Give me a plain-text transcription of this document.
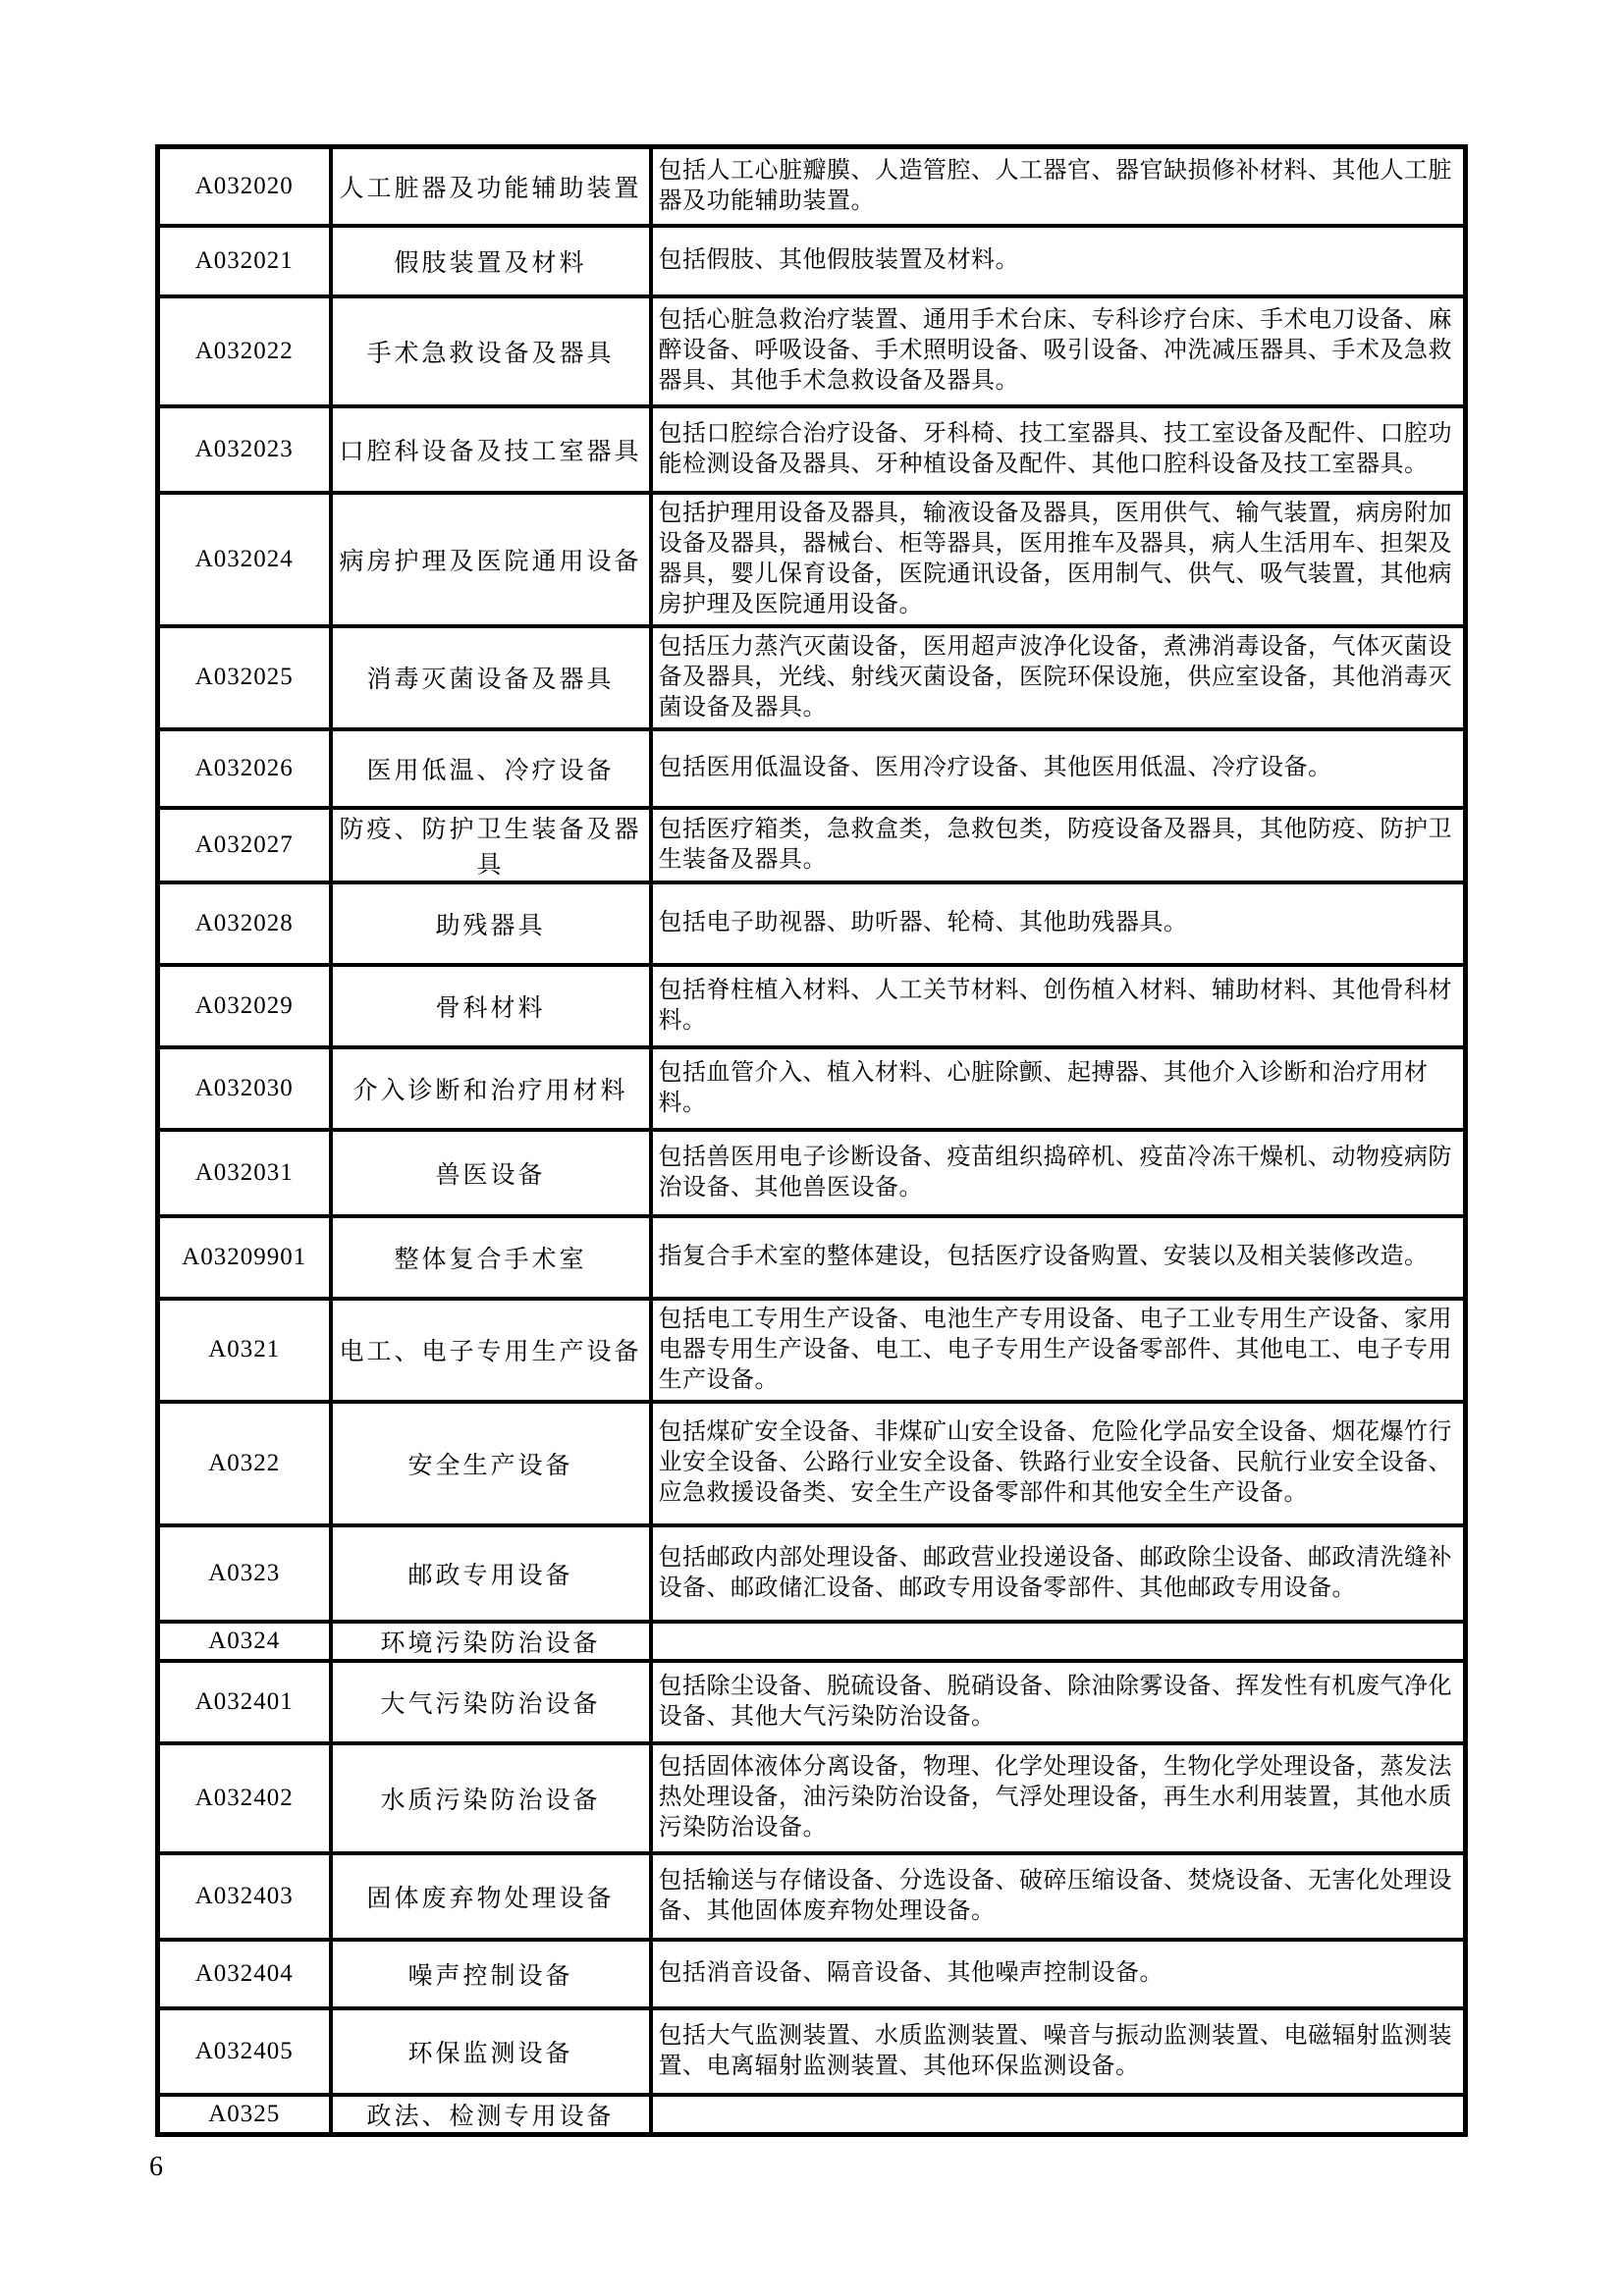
A032020	人工脏器及功能辅助装置	包括人工心脏瓣膜、人造管腔、人工器官、器官缺损修补材料、其他人工脏器及功能辅助装置。
A032021	假肢装置及材料	包括假肢、其他假肢装置及材料。
A032022	手术急救设备及器具	包括心脏急救治疗装置、通用手术台床、专科诊疗台床、手术电刀设备、麻醉设备、呼吸设备、手术照明设备、吸引设备、冲洗减压器具、手术及急救器具、其他手术急救设备及器具。
A032023	口腔科设备及技工室器具	包括口腔综合治疗设备、牙科椅、技工室器具、技工室设备及配件、口腔功能检测设备及器具、牙种植设备及配件、其他口腔科设备及技工室器具。
A032024	病房护理及医院通用设备	包括护理用设备及器具，输液设备及器具，医用供气、输气装置，病房附加设备及器具，器械台、柜等器具，医用推车及器具，病人生活用车、担架及器具，婴儿保育设备，医院通讯设备，医用制气、供气、吸气装置，其他病房护理及医院通用设备。
A032025	消毒灭菌设备及器具	包括压力蒸汽灭菌设备，医用超声波净化设备，煮沸消毒设备，气体灭菌设备及器具，光线、射线灭菌设备，医院环保设施，供应室设备，其他消毒灭菌设备及器具。
A032026	医用低温、冷疗设备	包括医用低温设备、医用冷疗设备、其他医用低温、冷疗设备。
A032027	防疫、防护卫生装备及器具	包括医疗箱类，急救盒类，急救包类，防疫设备及器具，其他防疫、防护卫生装备及器具。
A032028	助残器具	包括电子助视器、助听器、轮椅、其他助残器具。
A032029	骨科材料	包括脊柱植入材料、人工关节材料、创伤植入材料、辅助材料、其他骨科材料。
A032030	介入诊断和治疗用材料	包括血管介入、植入材料、心脏除颤、起搏器、其他介入诊断和治疗用材料。
A032031	兽医设备	包括兽医用电子诊断设备、疫苗组织捣碎机、疫苗冷冻干燥机、动物疫病防治设备、其他兽医设备。
A03209901	整体复合手术室	指复合手术室的整体建设，包括医疗设备购置、安装以及相关装修改造。
A0321	电工、电子专用生产设备	包括电工专用生产设备、电池生产专用设备、电子工业专用生产设备、家用电器专用生产设备、电工、电子专用生产设备零部件、其他电工、电子专用生产设备。
A0322	安全生产设备	包括煤矿安全设备、非煤矿山安全设备、危险化学品安全设备、烟花爆竹行业安全设备、公路行业安全设备、铁路行业安全设备、民航行业安全设备、应急救援设备类、安全生产设备零部件和其他安全生产设备。
A0323	邮政专用设备	包括邮政内部处理设备、邮政营业投递设备、邮政除尘设备、邮政清洗缝补设备、邮政储汇设备、邮政专用设备零部件、其他邮政专用设备。
A0324	环境污染防治设备	
A032401	大气污染防治设备	包括除尘设备、脱硫设备、脱硝设备、除油除雾设备、挥发性有机废气净化设备、其他大气污染防治设备。
A032402	水质污染防治设备	包括固体液体分离设备，物理、化学处理设备，生物化学处理设备，蒸发法热处理设备，油污染防治设备，气浮处理设备，再生水利用装置，其他水质污染防治设备。
A032403	固体废弃物处理设备	包括输送与存储设备、分选设备、破碎压缩设备、焚烧设备、无害化处理设备、其他固体废弃物处理设备。
A032404	噪声控制设备	包括消音设备、隔音设备、其他噪声控制设备。
A032405	环保监测设备	包括大气监测装置、水质监测装置、噪音与振动监测装置、电磁辐射监测装置、电离辐射监测装置、其他环保监测设备。
A0325	政法、检测专用设备	
6
